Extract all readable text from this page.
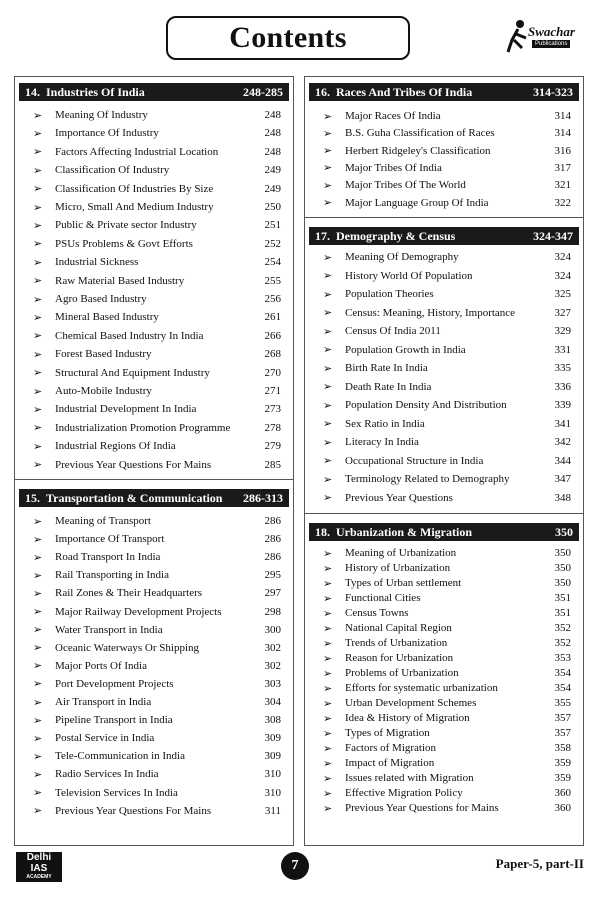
Contents	Swachar
Publications
14.  Industries Of India	248-285
➢ Meaning Of Industry	248
➢ Importance Of Industry	248
➢ Factors Affecting Industrial Location	248
➢ Classification Of Industry	249
➢ Classification Of Industries By Size	249
➢ Micro, Small And Medium Industry	250
➢ Public & Private sector Industry	251
➢ PSUs Problems & Govt Efforts	252
➢ Industrial Sickness	254
➢ Raw Material Based Industry	255
➢ Agro Based Industry	256
➢ Mineral Based Industry	261
➢ Chemical Based Industry In India	266
➢ Forest Based Industry	268
➢ Structural And Equipment Industry	270
➢ Auto-Mobile Industry	271
➢ Industrial Development In India	273
➢ Industrialization Promotion Programme	278
➢ Industrial Regions Of India	279
➢ Previous Year Questions For Mains	285
15.  Transportation & Communication 286-313
➢ Meaning of Transport	286
➢ Importance Of Transport	286
➢ Road Transport In India	286
➢ Rail Transporting in India	295
➢ Rail Zones & Their Headquarters	297
➢ Major Railway Development Projects	298
➢ Water Transport in India	300
➢ Oceanic Waterways Or Shipping	302
➢ Major Ports Of India	302
➢ Port Development Projects	303
➢ Air Transport in India	304
➢ Pipeline Transport in India	308
➢ Postal Service in India	309
➢ Tele-Communication in India	309
➢ Radio Services In India	310
➢ Television Services In India	310
➢ Previous Year Questions For Mains	311
16.  Races And Tribes Of India	314-323
➢ Major Races Of India	314
➢ B.S. Guha Classification of Races	314
➢ Herbert Ridgeley's Classification	316
➢ Major Tribes Of India	317
➢ Major Tribes Of The World	321
➢ Major Language Group Of India	322
17.  Demography & Census	324-347
➢ Meaning Of Demography	324
➢ History World Of Population	324
➢ Population Theories	325
➢ Census: Meaning, History, Importance	327
➢ Census Of India 2011	329
➢ Population Growth in India	331
➢ Birth Rate In India	335
➢ Death Rate In India	336
➢ Population Density And Distribution	339
➢ Sex Ratio in India	341
➢ Literacy In India	342
➢ Occupational Structure in India	344
➢ Terminology Related to Demography	347
➢ Previous Year Questions	348
18.  Urbanization & Migration	350
➢ Meaning of Urbanization	350
➢ History of Urbanization	350
➢ Types of Urban settlement	350
➢ Functional Cities	351
➢ Census Towns	351
➢ National Capital Region	352
➢ Trends of Urbanization	352
➢ Reason for Urbanization	353
➢ Problems of Urbanization	354
➢ Efforts for systematic urbanization	354
➢ Urban Development Schemes	355
➢ Idea & History of Migration	357
➢ Types of Migration	357
➢ Factors of Migration	358
➢ Impact of Migration	359
➢ Issues related with Migration	359
➢ Effective Migration Policy	360
➢ Previous Year Questions for Mains	360
Delhi
IAS
ACADEMY
7	Paper-5, part-II
